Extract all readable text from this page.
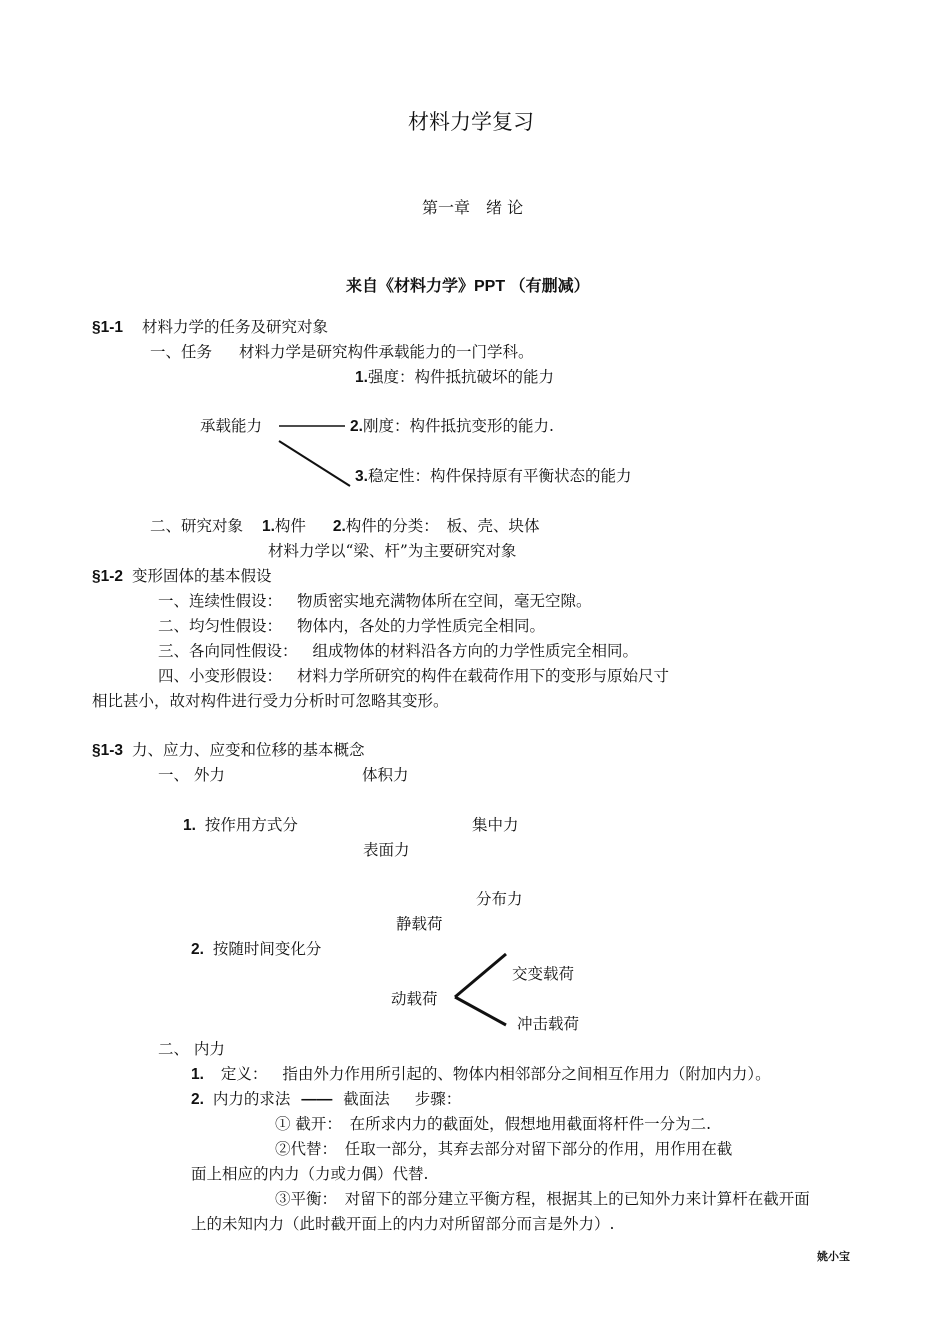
材料力学复习
第一章　绪 论
来自《材料力学》PPT （有删减）
§1-1 材料力学的任务及研究对象
一、任务 材料力学是研究构件承载能力的一门学科。
1.强度：构件抵抗破坏的能力
承载能力	2.刚度：构件抵抗变形的能力.
3.稳定性：构件保持原有平衡状态的能力
二、研究对象 1.构件 2.构件的分类：　板、壳、块体
材料力学以“梁、杆”为主要研究对象
§1-2 变形固体的基本假设
一、连续性假设： 物质密实地充满物体所在空间，毫无空隙。
二、均匀性假设： 物体内，各处的力学性质完全相同。
三、各向同性假设： 组成物体的材料沿各方向的力学性质完全相同。
四、小变形假设： 材料力学所研究的构件在载荷作用下的变形与原始尺寸
相比甚小，故对构件进行受力分析时可忽略其变形。
§1-3 力、应力、应变和位移的基本概念
一、 外力	体积力
1. 按作用方式分	集中力
表面力
分布力
静载荷
2. 按随时间变化分
交变载荷
动载荷
冲击载荷
二、 内力
1. 定义： 指由外力作用所引起的、物体内相邻部分之间相互作用力（附加内力）。
2. 内力的求法 —— 截面法 步骤：
① 截开：　在所求内力的截面处，假想地用截面将杆件一分为二.
②代替：　任取一部分，其弃去部分对留下部分的作用，用作用在截
面上相应的内力（力或力偶）代替.
③平衡：　对留下的部分建立平衡方程，根据其上的已知外力来计算杆在截开面
上的未知内力（此时截开面上的内力对所留部分而言是外力）.
姚小宝
